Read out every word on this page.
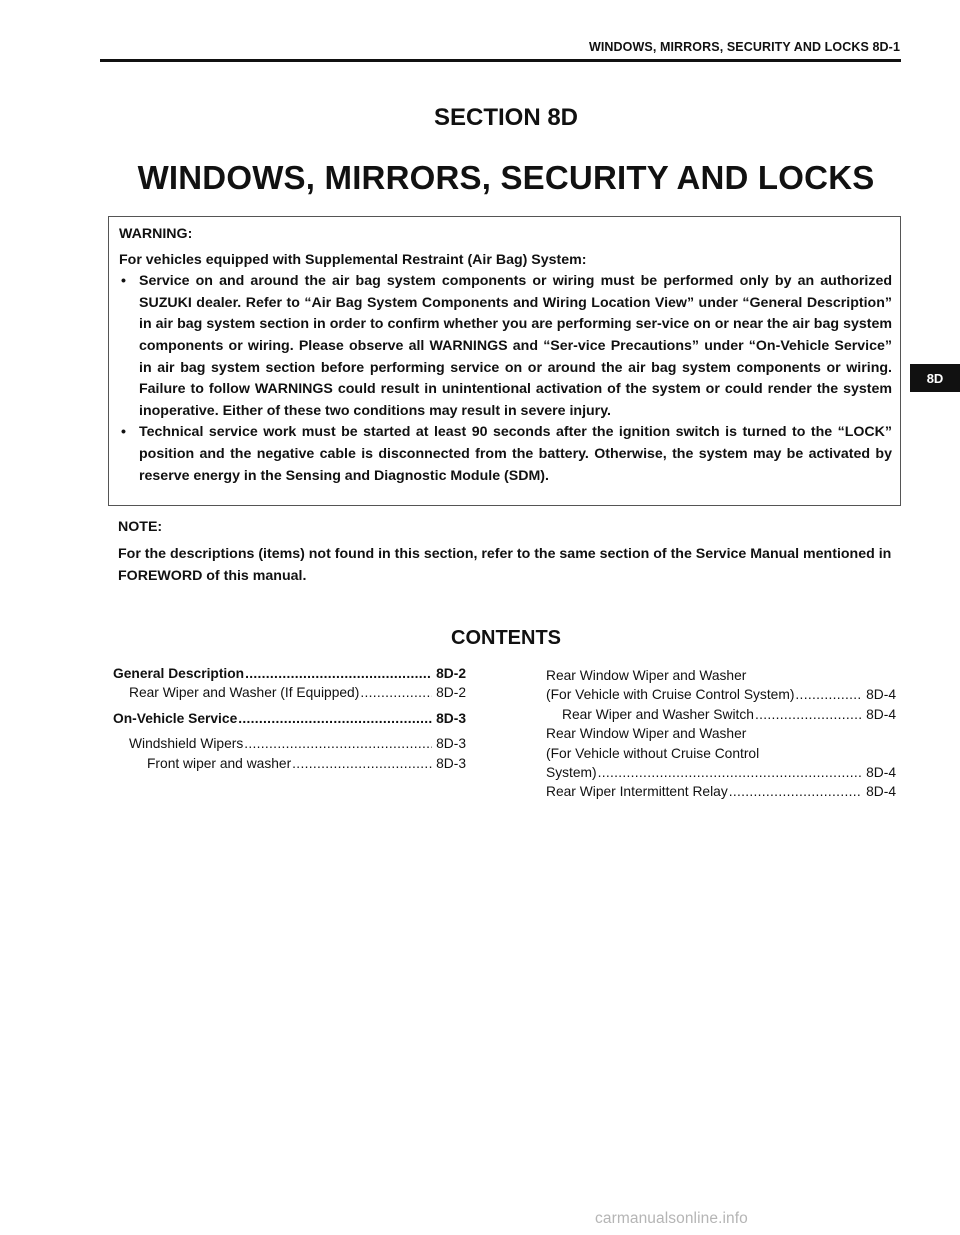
WINDOWS, MIRRORS, SECURITY AND LOCKS 8D-1
SECTION 8D
WINDOWS, MIRRORS, SECURITY AND LOCKS
8D

WARNING:

For vehicles equipped with Supplemental Restraint (Air Bag) System:

• Service on and around the air bag system components or wiring must be performed only by an authorized SUZUKI dealer. Refer to “Air Bag System Components and Wiring Location View” under “General Description” in air bag system section in order to confirm whether you are performing ser-vice on or near the air bag system components or wiring. Please observe all WARNINGS and “Ser-vice Precautions” under “On-Vehicle Service” in air bag system section before performing service on or around the air bag system components or wiring. Failure to follow WARNINGS could result in unintentional activation of the system or could render the system inoperative. Either of these two conditions may result in severe injury.
• Technical service work must be started at least 90 seconds after the ignition switch is turned to the “LOCK” position and the negative cable is disconnected from the battery. Otherwise, the system may be activated by reserve energy in the Sensing and Diagnostic Module (SDM).

NOTE:

For the descriptions (items) not found in this section, refer to the same section of the Service Manual mentioned in FOREWORD of this manual.

CONTENTS
General Description .....	8D-2
Rear Wiper and Washer (If Equipped) .....	8D-2
On-Vehicle Service .....	8D-3
Windshield Wipers .....	8D-3
Front wiper and washer .....	8D-3
Rear Window Wiper and Washer
(For Vehicle with Cruise Control System) .....	8D-4
Rear Wiper and Washer Switch .....	8D-4
Rear Window Wiper and Washer
(For Vehicle without Cruise Control
System) .....	8D-4
Rear Wiper Intermittent Relay .....	8D-4
carmanualsonline.info
